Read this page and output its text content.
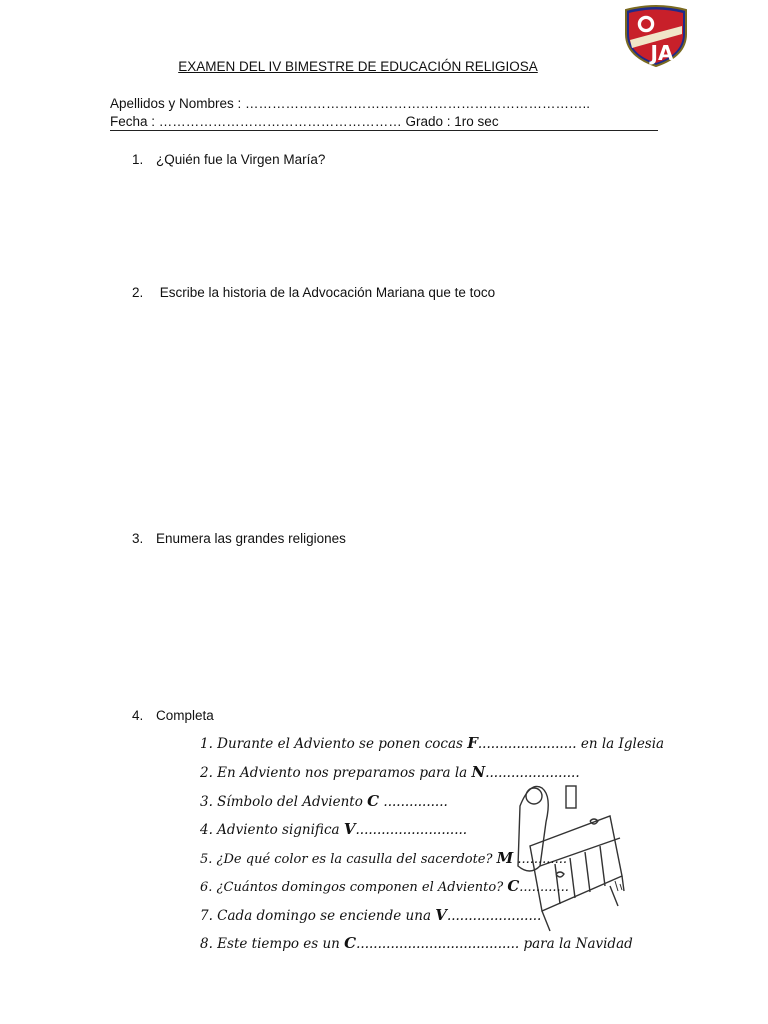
JA
EXAMEN DEL IV BIMESTRE DE EDUCACIÓN RELIGIOSA
Apellidos y Nombres : …………………………………………………………………..
Fecha : ……………………………………………… Grado : 1ro sec
1. ¿Quién fue la Virgen María?
2. Escribe la historia de la Advocación Mariana que te toco
3. Enumera las grandes religiones
4. Completa
1. Durante el Adviento se ponen cocas F....................... en la Iglesia
2. En Adviento nos preparamos para la N......................
3. Símbolo del Adviento C ...............
4. Adviento significa V..........................
5. ¿De qué color es la casulla del sacerdote? M ............
6. ¿Cuántos domingos componen el Adviento? C............
7. Cada domingo se enciende una V......................
8. Este tiempo es un C...................................... para la Navidad
